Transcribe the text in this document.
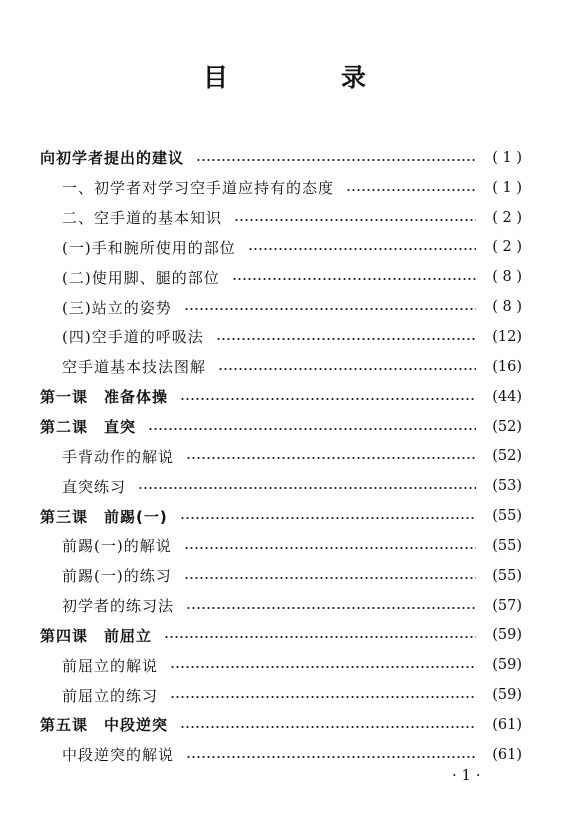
目　录
向初学者提出的建议	( 1 )
一、初学者对学习空手道应持有的态度	( 1 )
二、空手道的基本知识	( 2 )
(一)手和腕所使用的部位	( 2 )
(二)使用脚、腿的部位	( 8 )
(三)站立的姿势	( 8 )
(四)空手道的呼吸法	(12)
空手道基本技法图解	(16)
第一课　准备体操	(44)
第二课　直突	(52)
手背动作的解说	(52)
直突练习	(53)
第三课　前踢(一)	(55)
前踢(一)的解说	(55)
前踢(一)的练习	(55)
初学者的练习法	(57)
第四课　前屈立	(59)
前屈立的解说	(59)
前屈立的练习	(59)
第五课　中段逆突	(61)
中段逆突的解说	(61)
· 1 ·
